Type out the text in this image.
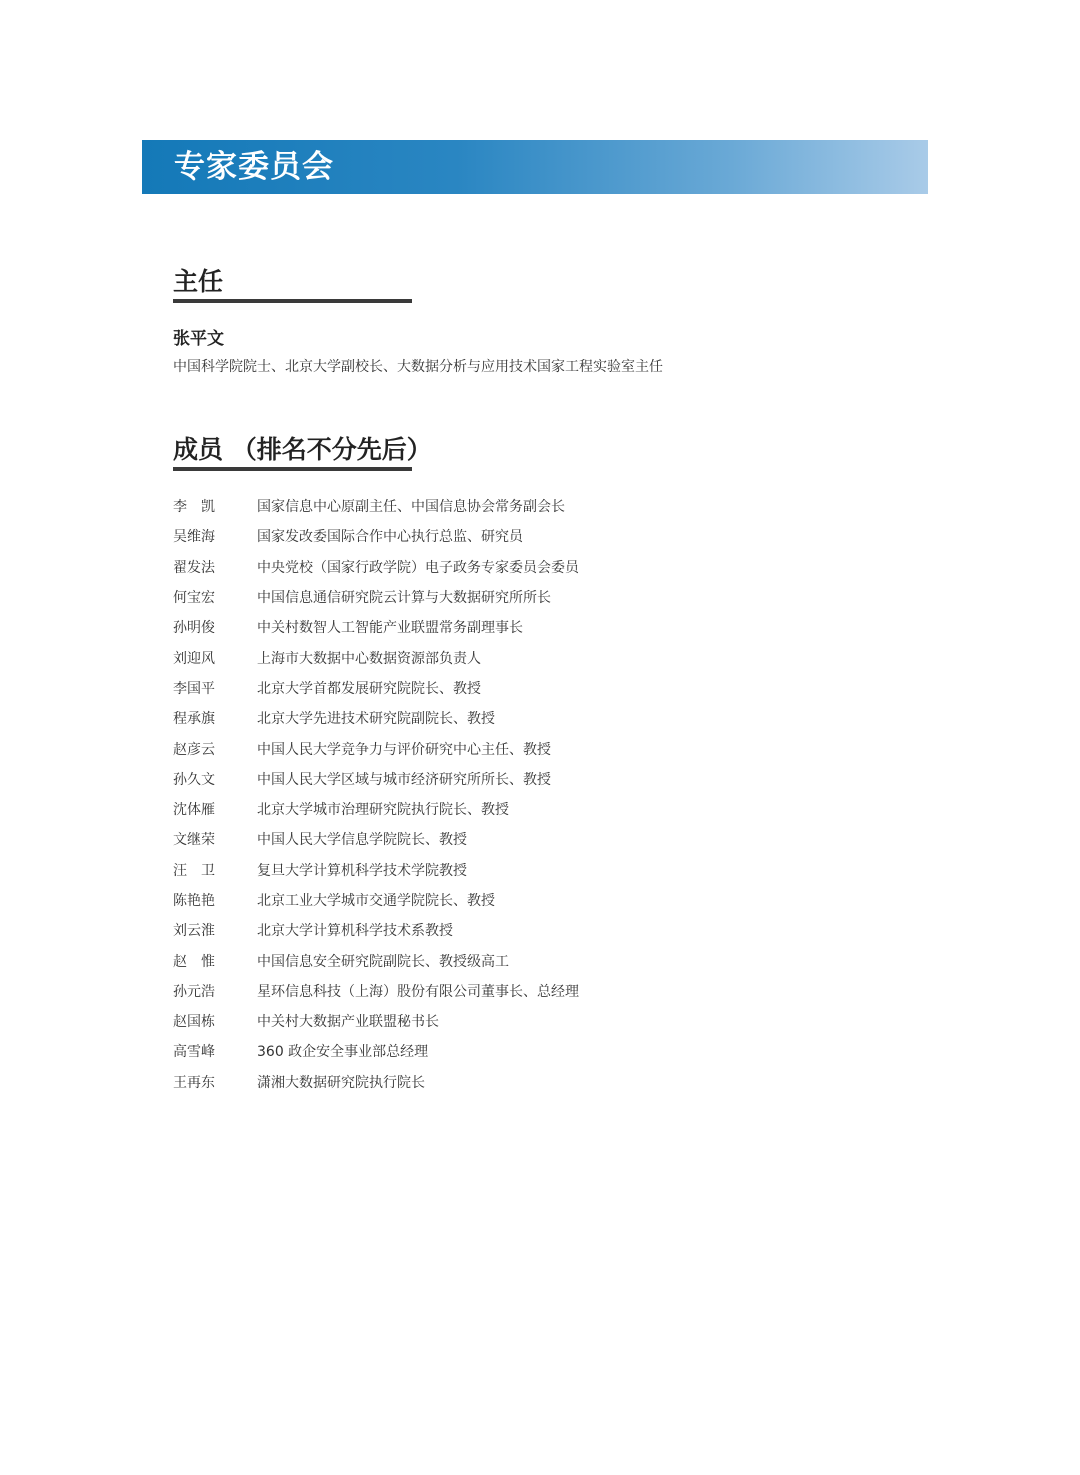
专家委员会
主任
张平文
中国科学院院士、北京大学副校长、大数据分析与应用技术国家工程实验室主任
成员 （排名不分先后）
李　凯	国家信息中心原副主任、中国信息协会常务副会长
吴维海	国家发改委国际合作中心执行总监、研究员
翟发法	中央党校（国家行政学院）电子政务专家委员会委员
何宝宏	中国信息通信研究院云计算与大数据研究所所长
孙明俊	中关村数智人工智能产业联盟常务副理事长
刘迎风	上海市大数据中心数据资源部负责人
李国平	北京大学首都发展研究院院长、教授
程承旗	北京大学先进技术研究院副院长、教授
赵彦云	中国人民大学竞争力与评价研究中心主任、教授
孙久文	中国人民大学区域与城市经济研究所所长、教授
沈体雁	北京大学城市治理研究院执行院长、教授
文继荣	中国人民大学信息学院院长、教授
汪　卫	复旦大学计算机科学技术学院教授
陈艳艳	北京工业大学城市交通学院院长、教授
刘云淮	北京大学计算机科学技术系教授
赵　惟	中国信息安全研究院副院长、教授级高工
孙元浩	星环信息科技（上海）股份有限公司董事长、总经理
赵国栋	中关村大数据产业联盟秘书长
高雪峰	360 政企安全事业部总经理
王再东	潇湘大数据研究院执行院长
